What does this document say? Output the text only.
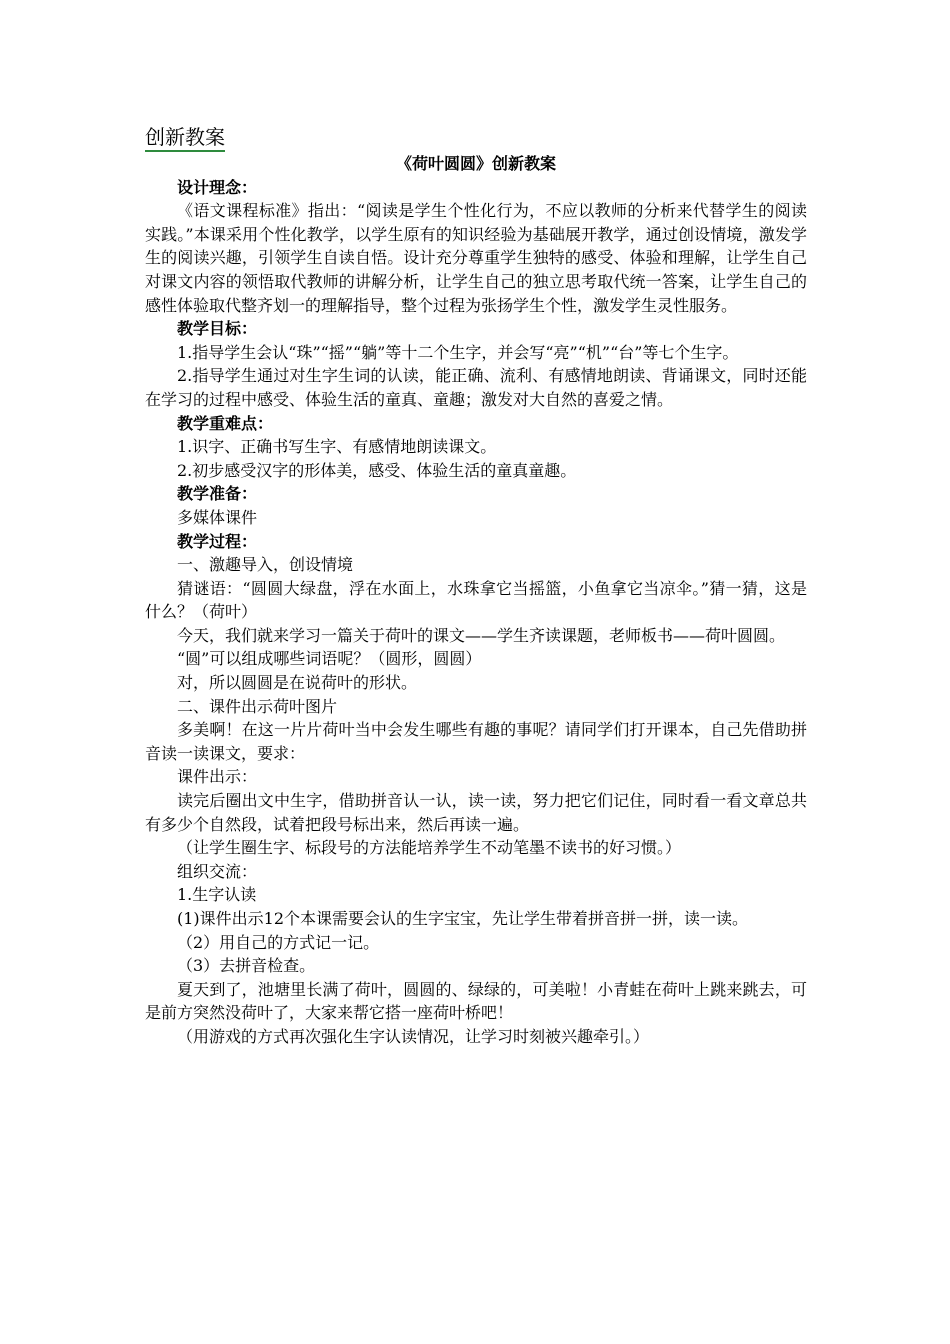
创新教案

《荷叶圆圆》创新教案

设计理念：

《语文课程标准》指出：“阅读是学生个性化行为，不应以教师的分析来代替学生的阅读实践。”本课采用个性化教学，以学生原有的知识经验为基础展开教学，通过创设情境，激发学生的阅读兴趣，引领学生自读自悟。设计充分尊重学生独特的感受、体验和理解，让学生自己对课文内容的领悟取代教师的讲解分析，让学生自己的独立思考取代统一答案，让学生自己的感性体验取代整齐划一的理解指导，整个过程为张扬学生个性，激发学生灵性服务。

教学目标：

1.指导学生会认“珠”“摇”“躺”等十二个生字，并会写“亮”“机”“台”等七个生字。

2.指导学生通过对生字生词的认读，能正确、流利、有感情地朗读、背诵课文，同时还能在学习的过程中感受、体验生活的童真、童趣；激发对大自然的喜爱之情。

教学重难点：

1.识字、正确书写生字、有感情地朗读课文。

2.初步感受汉字的形体美，感受、体验生活的童真童趣。

教学准备：

多媒体课件

教学过程：

一、激趣导入，创设情境

猜谜语：“圆圆大绿盘，浮在水面上，水珠拿它当摇篮，小鱼拿它当凉伞。”猜一猜，这是什么？（荷叶）

今天，我们就来学习一篇关于荷叶的课文——学生齐读课题，老师板书——荷叶圆圆。

“圆”可以组成哪些词语呢？（圆形，圆圆）

对，所以圆圆是在说荷叶的形状。

二、课件出示荷叶图片

多美啊！在这一片片荷叶当中会发生哪些有趣的事呢？请同学们打开课本，自己先借助拼音读一读课文，要求：

课件出示：

读完后圈出文中生字，借助拼音认一认，读一读，努力把它们记住，同时看一看文章总共有多少个自然段，试着把段号标出来，然后再读一遍。

（让学生圈生字、标段号的方法能培养学生不动笔墨不读书的好习惯。）

组织交流：

1.生字认读

(1)课件出示12个本课需要会认的生字宝宝，先让学生带着拼音拼一拼，读一读。

（2）用自己的方式记一记。

（3）去拼音检查。

夏天到了，池塘里长满了荷叶，圆圆的、绿绿的，可美啦！小青蛙在荷叶上跳来跳去，可是前方突然没荷叶了，大家来帮它搭一座荷叶桥吧！

（用游戏的方式再次强化生字认读情况，让学习时刻被兴趣牵引。）
